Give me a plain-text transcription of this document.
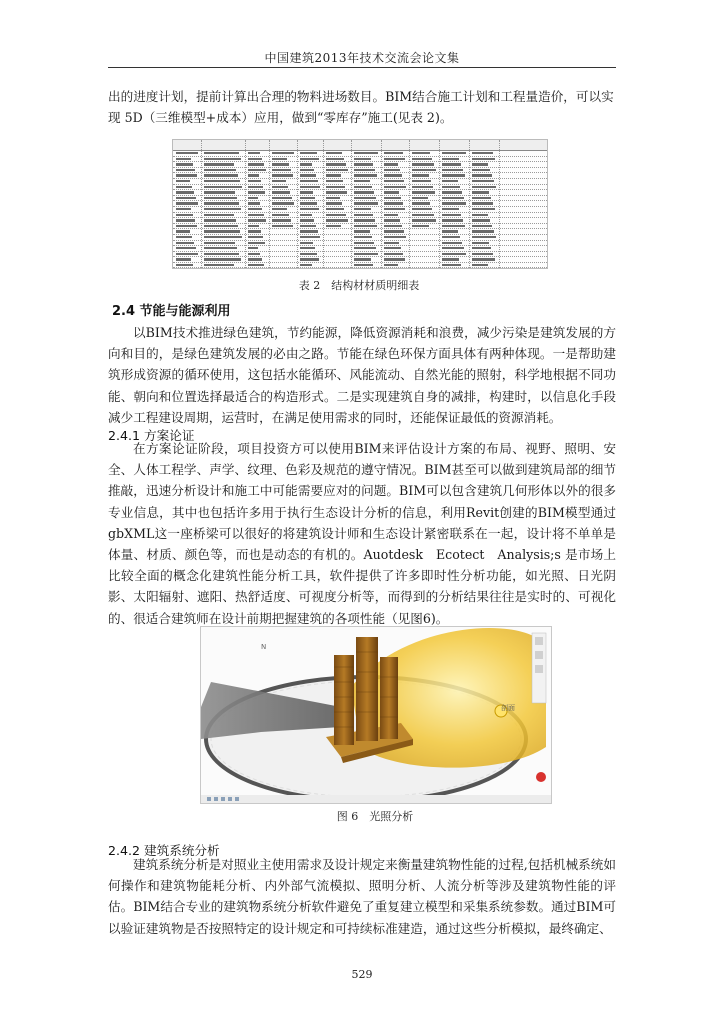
中国建筑2013年技术交流会论文集

出的进度计划，提前计算出合理的物料进场数目。BIM结合施工计划和工程量造价，可以实

现 5D（三维模型+成本）应用，做到“零库存”施工(见表 2)。

表 2　结构材材质明细表
2.4 节能与能源利用

以BIM技术推进绿色建筑，节约能源，降低资源消耗和浪费，减少污染是建筑发展的方向和目的，是绿色建筑发展的必由之路。节能在绿色环保方面具体有两种体现。一是帮助建筑形成资源的循环使用，这包括水能循环、风能流动、自然光能的照射，科学地根据不同功能、朝向和位置选择最适合的构造形式。二是实现建筑自身的减排，构建时，以信息化手段减少工程建设周期，运营时，在满足使用需求的同时，还能保证最低的资源消耗。

2.4.1 方案论证

在方案论证阶段，项目投资方可以使用BIM来评估设计方案的布局、视野、照明、安全、人体工程学、声学、纹理、色彩及规范的遵守情况。BIM甚至可以做到建筑局部的细节推敲，迅速分析设计和施工中可能需要应对的问题。BIM可以包含建筑几何形体以外的很多专业信息，其中也包括许多用于执行生态设计分析的信息，利用Revit创建的BIM模型通过gbXML这一座桥梁可以很好的将建筑设计师和生态设计紧密联系在一起，设计将不单单是体量、材质、颜色等，而也是动态的有机的。Auotdesk　Ecotect　Analysis;s 是市场上比较全面的概念化建筑性能分析工具，软件提供了许多即时性分析功能，如光照、日光阴影、太阳辐射、遮阳、热舒适度、可视度分析等，而得到的分析结果往往是实时的、可视化的、很适合建筑师在设计前期把握建筑的各项性能（见图6)。

N
剖面
图 6　光照分析
2.4.2 建筑系统分析

建筑系统分析是对照业主使用需求及设计规定来衡量建筑物性能的过程,包括机械系统如何操作和建筑物能耗分析、内外部气流模拟、照明分析、人流分析等涉及建筑物性能的评估。BIM结合专业的建筑物系统分析软件避免了重复建立模型和采集系统参数。通过BIM可以验证建筑物是否按照特定的设计规定和可持续标准建造，通过这些分析模拟，最终确定、

529
